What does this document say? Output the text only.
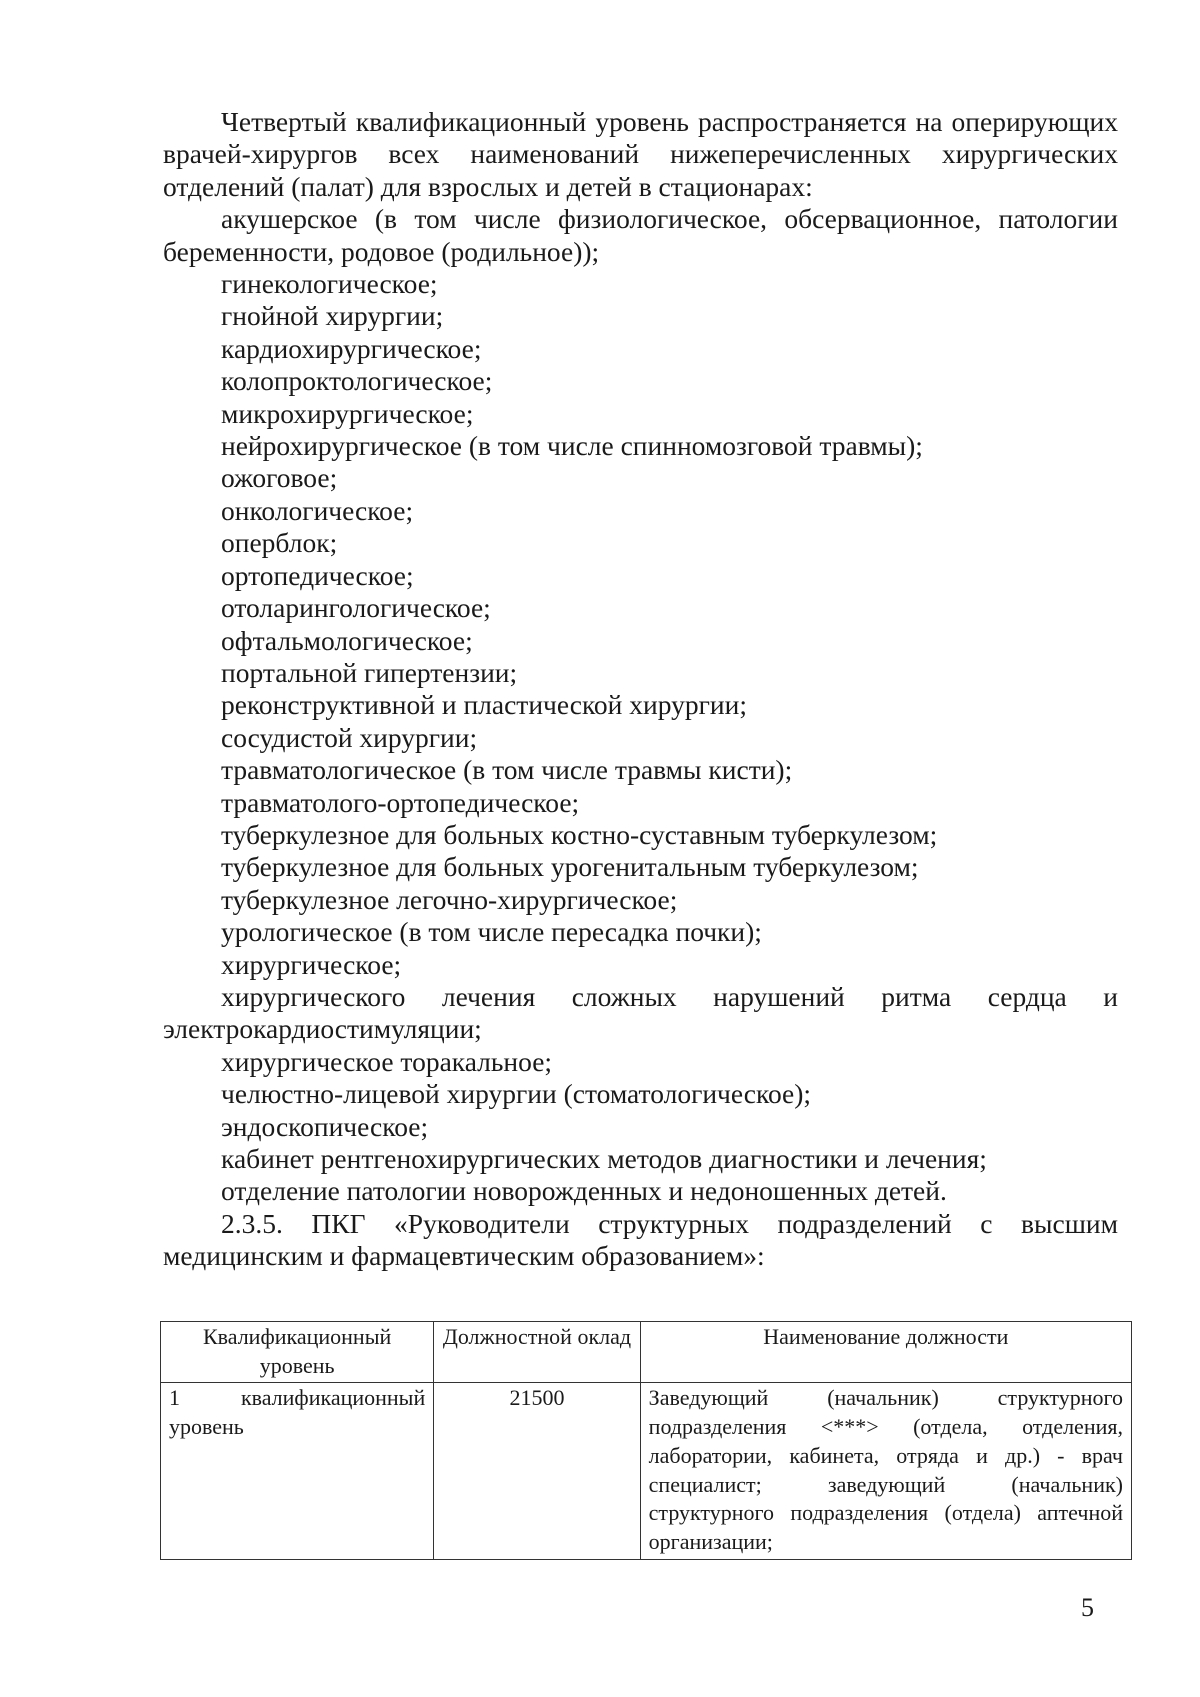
Четвертый квалификационный уровень распространяется на оперирующих врачей-хирургов всех наименований нижеперечисленных хирургических отделений (палат) для взрослых и детей в стационарах:

акушерское (в том числе физиологическое, обсервационное, патологии беременности, родовое (родильное));
гинекологическое;
гнойной хирургии;
кардиохирургическое;
колопроктологическое;
микрохирургическое;
нейрохирургическое (в том числе спинномозговой травмы);
ожоговое;
онкологическое;
оперблок;
ортопедическое;
отоларингологическое;
офтальмологическое;
портальной гипертензии;
реконструктивной и пластической хирургии;
сосудистой хирургии;
травматологическое (в том числе травмы кисти);
травматолого-ортопедическое;
туберкулезное для больных костно-суставным туберкулезом;
туберкулезное для больных урогенитальным туберкулезом;
туберкулезное легочно-хирургическое;
урологическое (в том числе пересадка почки);
хирургическое;
хирургического лечения сложных нарушений ритма сердца и электрокардиостимуляции;
хирургическое торакальное;
челюстно-лицевой хирургии (стоматологическое);
эндоскопическое;
кабинет рентгенохирургических методов диагностики и лечения;
отделение патологии новорожденных и недоношенных детей.

2.3.5. ПКГ «Руководители структурных подразделений с высшим медицинским и фармацевтическим образованием»:

Квалификационный уровень	Должностной оклад	Наименование должности
1 квалификационный уровень	21500	Заведующий (начальник) структурного подразделения <***> (отдела, отделения, лаборатории, кабинета, отряда и др.) - врач специалист; заведующий (начальник) структурного подразделения (отдела) аптечной организации;
5
